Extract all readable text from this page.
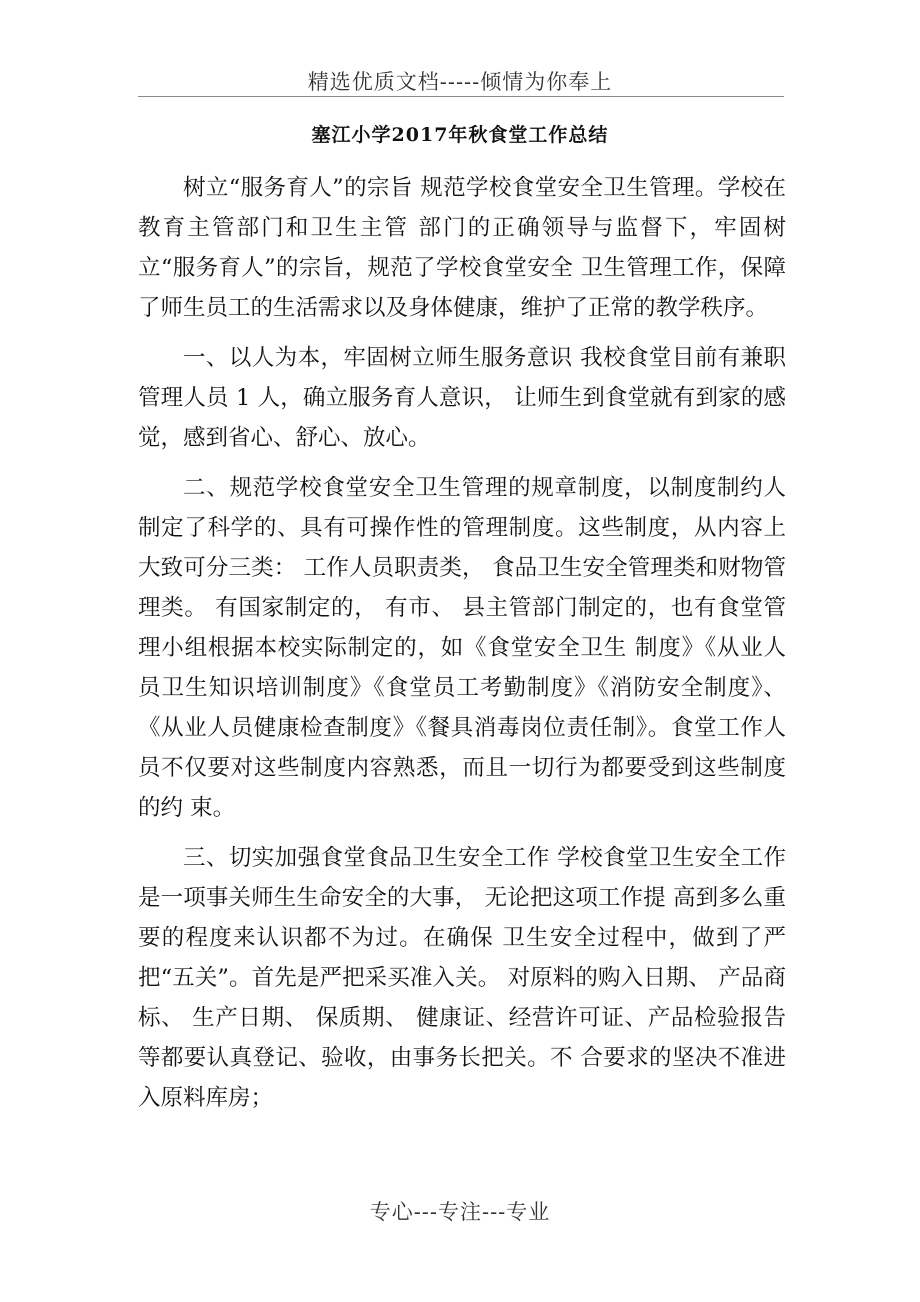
精选优质文档-----倾情为你奉上
塞江小学2017年秋食堂工作总结

树立“服务育人”的宗旨 规范学校食堂安全卫生管理。学校在教育主管部门和卫生主管 部门的正确领导与监督下，牢固树立“服务育人”的宗旨，规范了学校食堂安全 卫生管理工作，保障了师生员工的生活需求以及身体健康，维护了正常的教学秩序。

一、以人为本，牢固树立师生服务意识 我校食堂目前有兼职管理人员 1 人，确立服务育人意识， 让师生到食堂就有到家的感觉，感到省心、舒心、放心。

二、规范学校食堂安全卫生管理的规章制度，以制度制约人 制定了科学的、具有可操作性的管理制度。这些制度，从内容上大致可分三类： 工作人员职责类， 食品卫生安全管理类和财物管理类。 有国家制定的， 有市、 县主管部门制定的，也有食堂管理小组根据本校实际制定的，如《食堂安全卫生 制度》《从业人员卫生知识培训制度》《食堂员工考勤制度》《消防安全制度》、《从业人员健康检查制度》《餐具消毒岗位责任制》。食堂工作人员不仅要对这些制度内容熟悉，而且一切行为都要受到这些制度的约 束。

三、切实加强食堂食品卫生安全工作 学校食堂卫生安全工作是一项事关师生生命安全的大事， 无论把这项工作提 高到多么重要的程度来认识都不为过。在确保 卫生安全过程中，做到了严把“五关”。首先是严把采买准入关。 对原料的购入日期、 产品商标、 生产日期、 保质期、 健康证、经营许可证、产品检验报告等都要认真登记、验收，由事务长把关。不 合要求的坚决不准进入原料库房；

专心---专注---专业
